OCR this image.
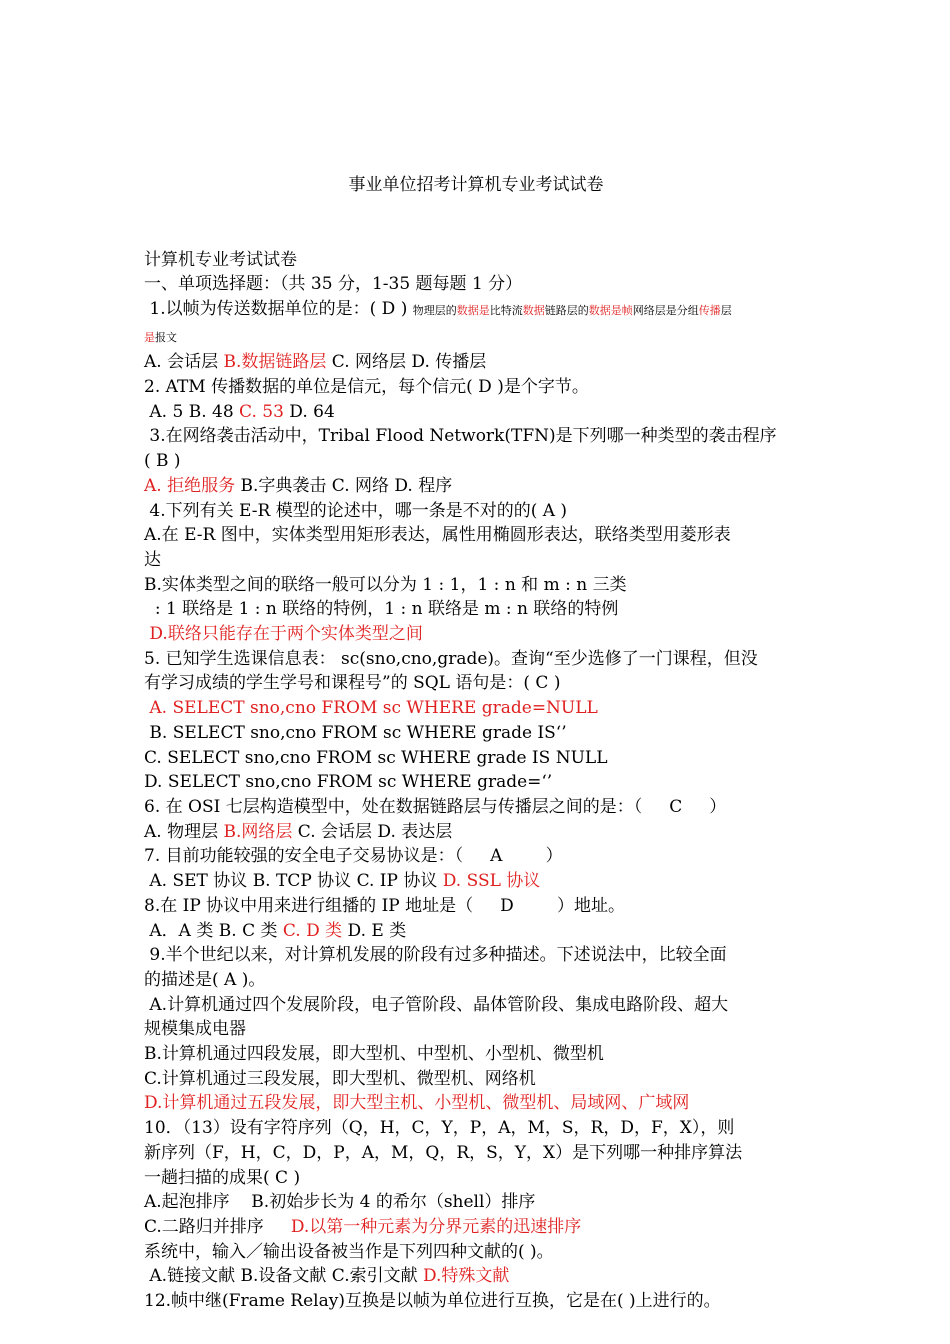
事业单位招考计算机专业考试试卷

计算机专业考试试卷
一、单项选择题：（共 35 分，1-35 题每题 1 分）
1.以帧为传送数据单位的是：( D ) 物理层的数据是比特流数据链路层的数据是帧网络层是分组传播层
是报文
A. 会话层 B.数据链路层 C. 网络层 D. 传播层
2. ATM 传播数据的单位是信元，每个信元( D )是个字节。
A. 5 B. 48 C. 53 D. 64
3.在网络袭击活动中，Tribal Flood Network(TFN)是下列哪一种类型的袭击程序
( B )
A. 拒绝服务 B.字典袭击 C. 网络 D. 程序
4.下列有关 E-R 模型的论述中，哪一条是不对的的( A )
A.在 E-R 图中，实体类型用矩形表达，属性用椭圆形表达，联络类型用菱形表
达
B.实体类型之间的联络一般可以分为 1 : 1，1 : n 和 m : n 三类
: 1 联络是 1 : n 联络的特例，1 : n 联络是 m : n 联络的特例
D.联络只能存在于两个实体类型之间
5. 已知学生选课信息表： sc(sno,cno,grade)。查询“至少选修了一门课程，但没
有学习成绩的学生学号和课程号”的 SQL 语句是：( C )
A. SELECT sno,cno FROM sc WHERE grade=NULL
B. SELECT sno,cno FROM sc WHERE grade IS‘’
C. SELECT sno,cno FROM sc WHERE grade IS NULL
D. SELECT sno,cno FROM sc WHERE grade=‘’
6. 在 OSI 七层构造模型中，处在数据链路层与传播层之间的是：（     C     ）
A. 物理层 B.网络层 C. 会话层 D. 表达层
7. 目前功能较强的安全电子交易协议是：（     A        ）
A. SET 协议 B. TCP 协议 C. IP 协议 D. SSL 协议
8.在 IP 协议中用来进行组播的 IP 地址是（     D        ）地址。
A．A 类 B. C 类 C. D 类 D. E 类
9.半个世纪以来，对计算机发展的阶段有过多种描述。下述说法中，比较全面
的描述是( A )。
A.计算机通过四个发展阶段，电子管阶段、晶体管阶段、集成电路阶段、超大
规模集成电器
B.计算机通过四段发展，即大型机、中型机、小型机、微型机
C.计算机通过三段发展，即大型机、微型机、网络机
D.计算机通过五段发展，即大型主机、小型机、微型机、局域网、广域网
10．（13）设有字符序列（Q，H，C，Y，P，A，M，S，R，D，F，X），则
新序列（F，H，C，D，P，A，M，Q，R，S，Y，X）是下列哪一种排序算法
一趟扫描的成果( C )
A.起泡排序    B.初始步长为 4 的希尔（shell）排序
C.二路归并排序     D.以第一种元素为分界元素的迅速排序
系统中，输入／输出设备被当作是下列四种文献的( )。
A.链接文献 B.设备文献 C.索引文献 D.特殊文献
12.帧中继(Frame Relay)互换是以帧为单位进行互换，它是在( )上进行的。
